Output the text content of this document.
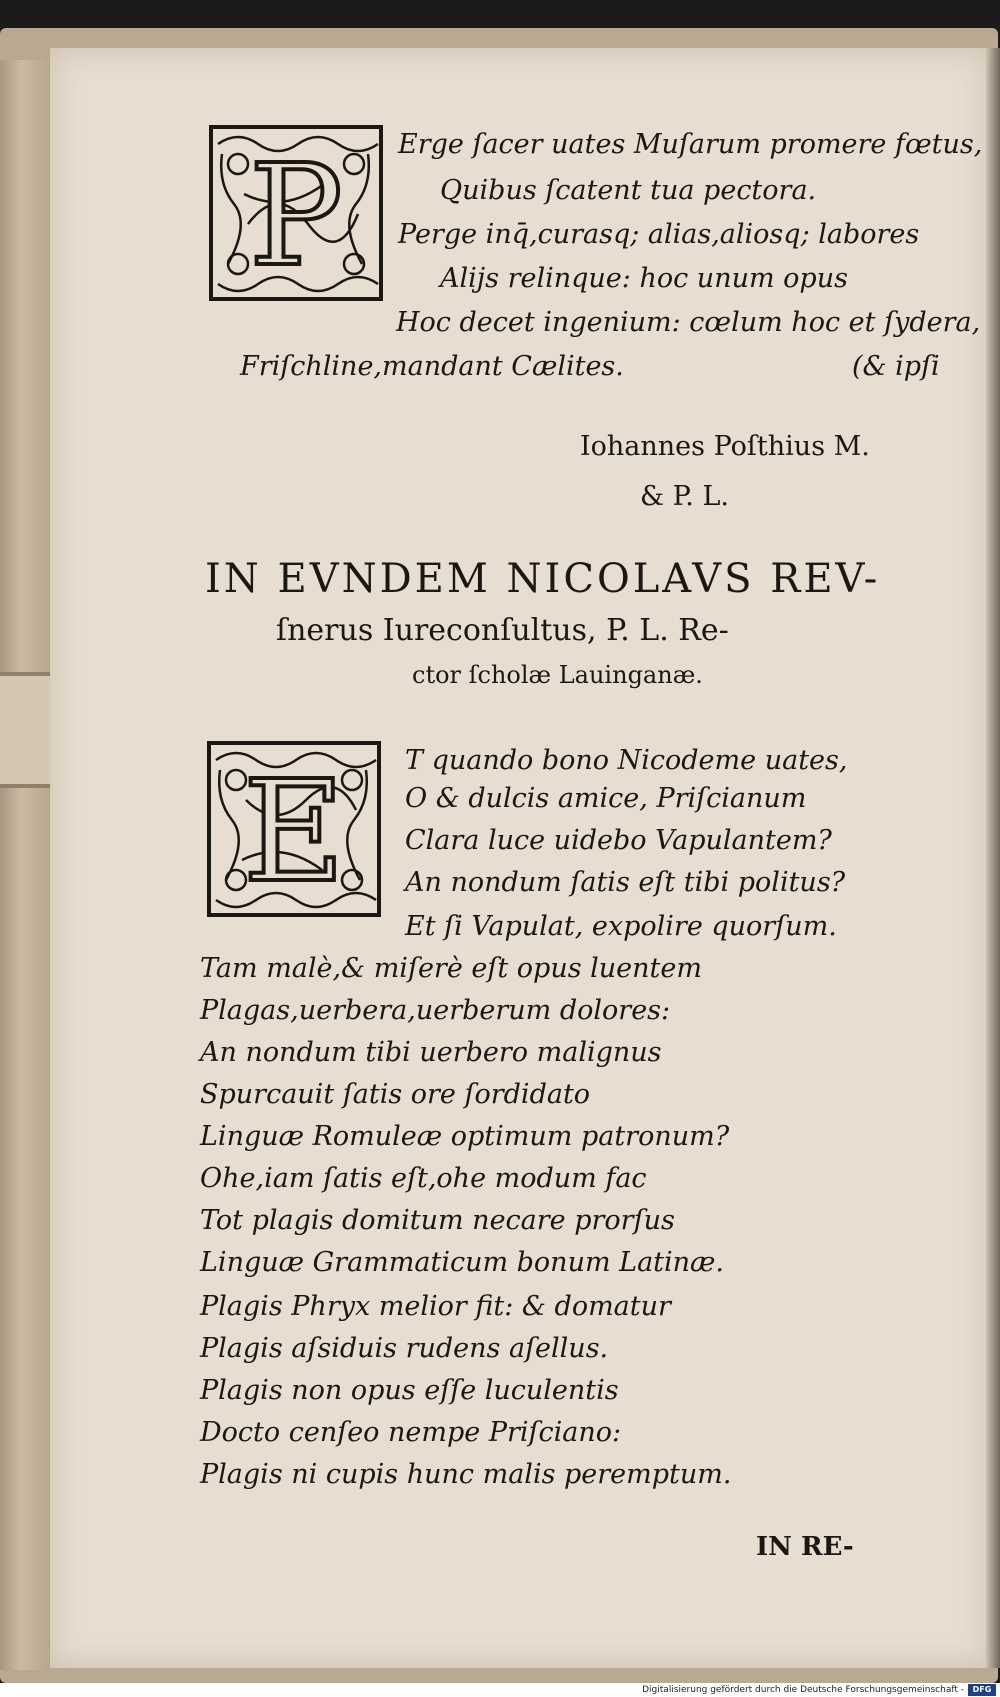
P Erge ſacer uates Muſarum promere fœtus,
Quibus ſcatent tua pectora.
Perge inq̄,curasq; alias,aliosq; labores
Alijs relinque: hoc unum opus
Hoc decet ingenium: cœlum hoc et ſydera,
Friſchline,mandant Cælites.	(& ipſi
Iohannes Poſthius M.
& P. L.
IN EVNDEM NICOLAVS REV-
ſnerus Iureconſultus, P. L. Re-
ctor ſcholæ Lauinganæ.
E T quando bono Nicodeme uates,
O & dulcis amice, Priſcianum
Clara luce uidebo Vapulantem?
An nondum ſatis eſt tibi politus?
Et ſi Vapulat, expolire quorſum.
Tam malè,& miſerè eſt opus luentem
Plagas,uerbera,uerberum dolores:
An nondum tibi uerbero malignus
Spurcauit ſatis ore ſordidato
Linguæ Romuleæ optimum patronum?
Ohe,iam ſatis eſt,ohe modum fac
Tot plagis domitum necare prorſus
Linguæ Grammaticum bonum Latinæ.
Plagis Phryx melior fit: & domatur
Plagis aſsiduis rudens aſellus.
Plagis non opus eſſe luculentis
Docto cenſeo nempe Priſciano:
Plagis ni cupis hunc malis peremptum.
IN RE-
Digitalisierung gefördert durch die Deutsche Forschungsgemeinschaft -	DFG
